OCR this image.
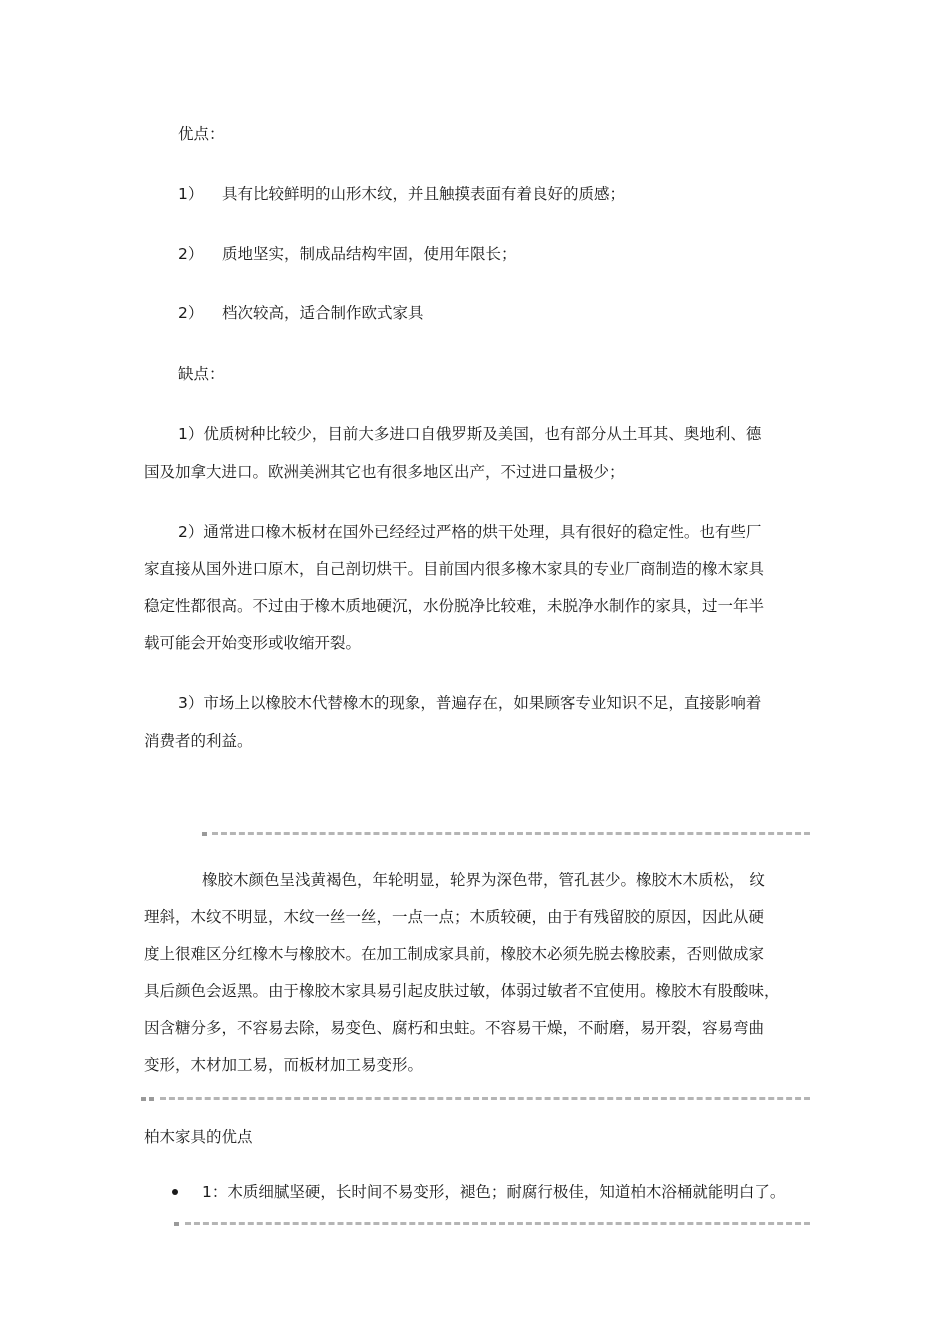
优点：
1） 具有比较鲜明的山形木纹，并且触摸表面有着良好的质感；
2） 质地坚实，制成品结构牢固，使用年限长；
2） 档次较高，适合制作欧式家具
缺点：
1）优质树种比较少，目前大多进口自俄罗斯及美国，也有部分从土耳其、奥地利、德
国及加拿大进口。欧洲美洲其它也有很多地区出产，不过进口量极少；
2）通常进口橡木板材在国外已经经过严格的烘干处理，具有很好的稳定性。也有些厂
家直接从国外进口原木，自己剖切烘干。目前国内很多橡木家具的专业厂商制造的橡木家具
稳定性都很高。不过由于橡木质地硬沉，水份脱净比较难，未脱净水制作的家具，过一年半
载可能会开始变形或收缩开裂。
3）市场上以橡胶木代替橡木的现象，普遍存在，如果顾客专业知识不足，直接影响着
消费者的利益。
橡胶木颜色呈浅黄褐色，年轮明显，轮界为深色带，管孔甚少。橡胶木木质松， 纹
理斜，木纹不明显，木纹一丝一丝，一点一点；木质较硬，由于有残留胶的原因，因此从硬
度上很难区分红橡木与橡胶木。在加工制成家具前，橡胶木必须先脱去橡胶素，否则做成家
具后颜色会返黑。由于橡胶木家具易引起皮肤过敏，体弱过敏者不宜使用。橡胶木有股酸味，
因含糖分多，不容易去除，易变色、腐朽和虫蛀。不容易干燥，不耐磨，易开裂，容易弯曲
变形，木材加工易，而板材加工易变形。
柏木家具的优点
1：木质细腻坚硬，长时间不易变形，褪色；耐腐行极佳，知道柏木浴桶就能明白了。
